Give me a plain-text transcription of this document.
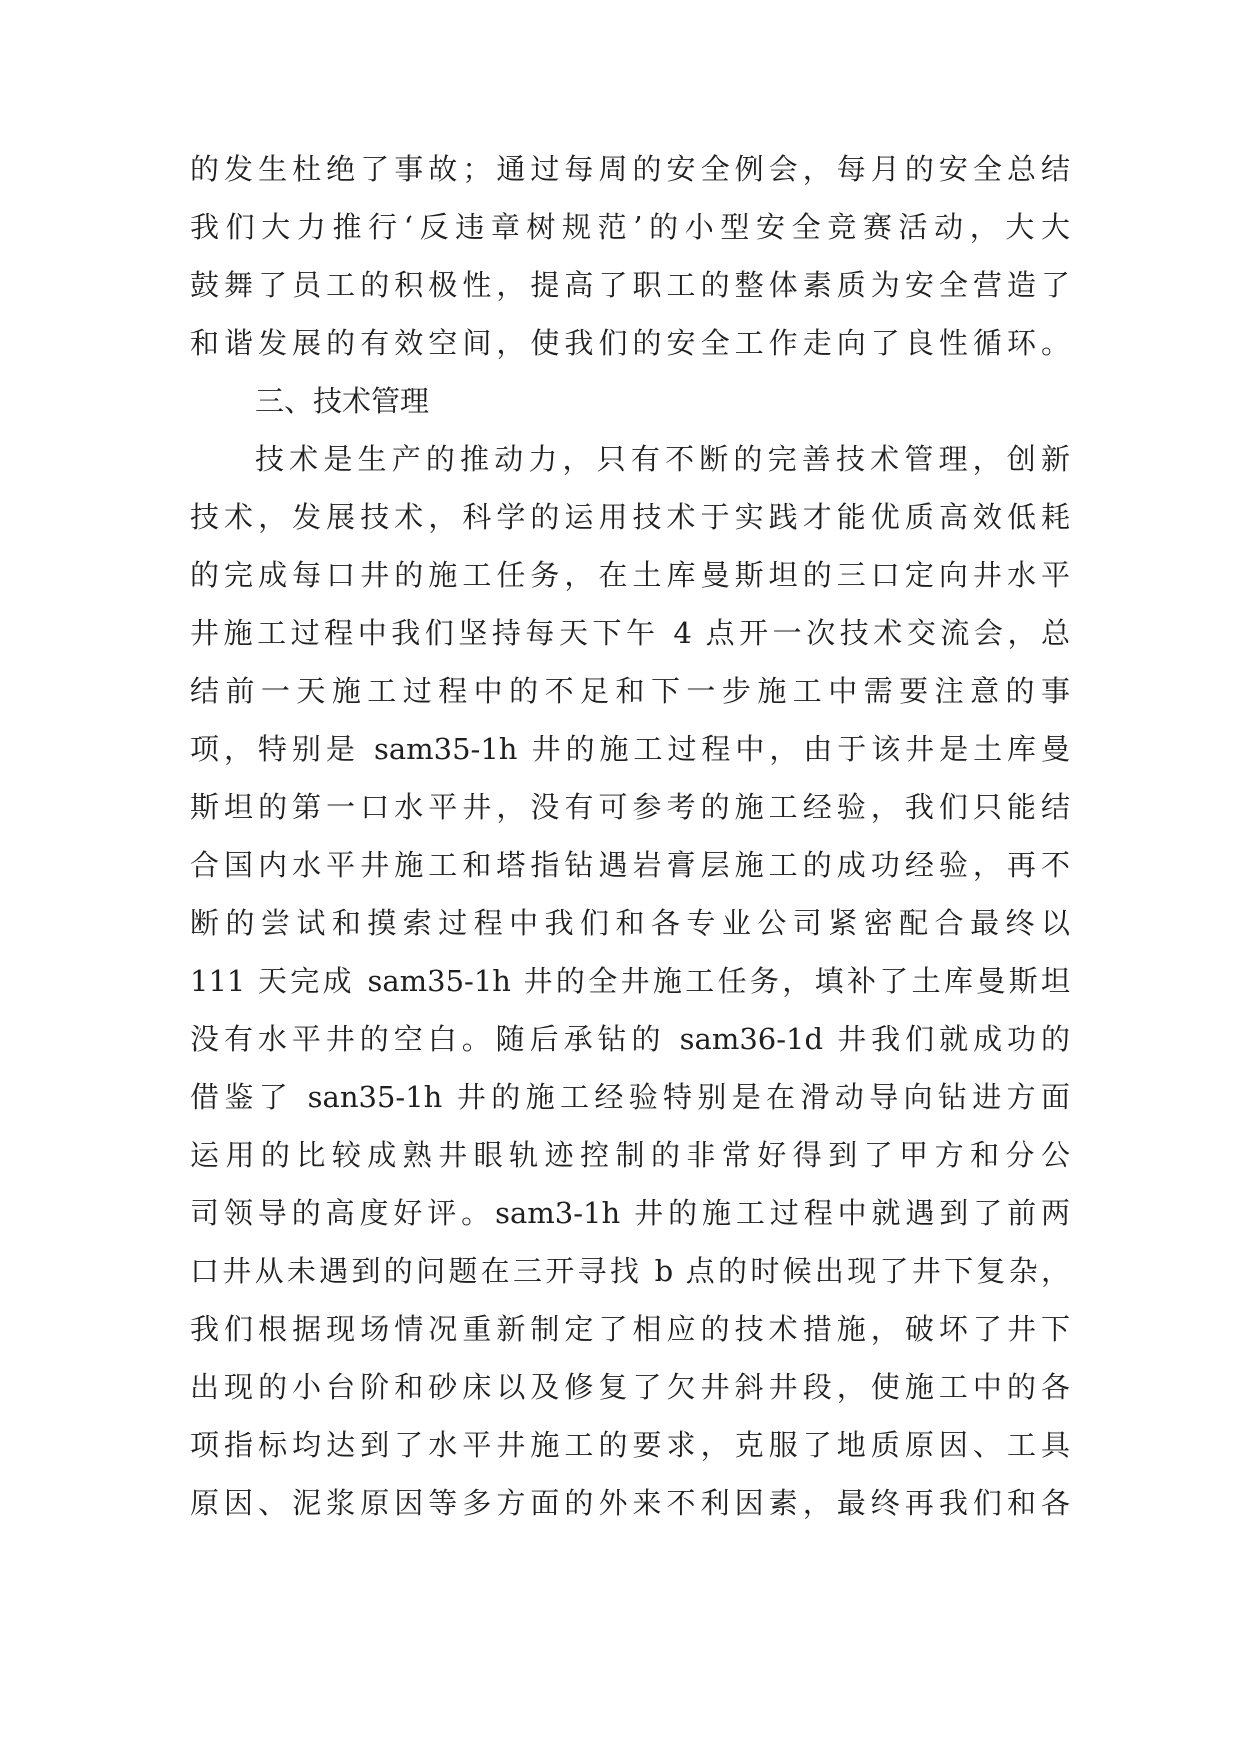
的发生杜绝了事故；通过每周的安全例会，每月的安全总结
我们大力推行‘反违章树规范’的小型安全竞赛活动，大大
鼓舞了员工的积极性，提高了职工的整体素质为安全营造了
和谐发展的有效空间，使我们的安全工作走向了良性循环。
三、技术管理
技术是生产的推动力，只有不断的完善技术管理，创新
技术，发展技术，科学的运用技术于实践才能优质高效低耗
的完成每口井的施工任务，在土库曼斯坦的三口定向井水平
井施工过程中我们坚持每天下午 4 点开一次技术交流会，总
结前一天施工过程中的不足和下一步施工中需要注意的事
项，特别是 sam35-1h 井的施工过程中，由于该井是土库曼
斯坦的第一口水平井，没有可参考的施工经验，我们只能结
合国内水平井施工和塔指钻遇岩膏层施工的成功经验，再不
断的尝试和摸索过程中我们和各专业公司紧密配合最终以
111 天完成 sam35-1h 井的全井施工任务，填补了土库曼斯坦
没有水平井的空白。随后承钻的 sam36-1d 井我们就成功的
借鉴了 san35-1h 井的施工经验特别是在滑动导向钻进方面
运用的比较成熟井眼轨迹控制的非常好得到了甲方和分公
司领导的高度好评。sam3-1h 井的施工过程中就遇到了前两
口井从未遇到的问题在三开寻找 b 点的时候出现了井下复杂，
我们根据现场情况重新制定了相应的技术措施，破坏了井下
出现的小台阶和砂床以及修复了欠井斜井段，使施工中的各
项指标均达到了水平井施工的要求，克服了地质原因、工具
原因、泥浆原因等多方面的外来不利因素，最终再我们和各
